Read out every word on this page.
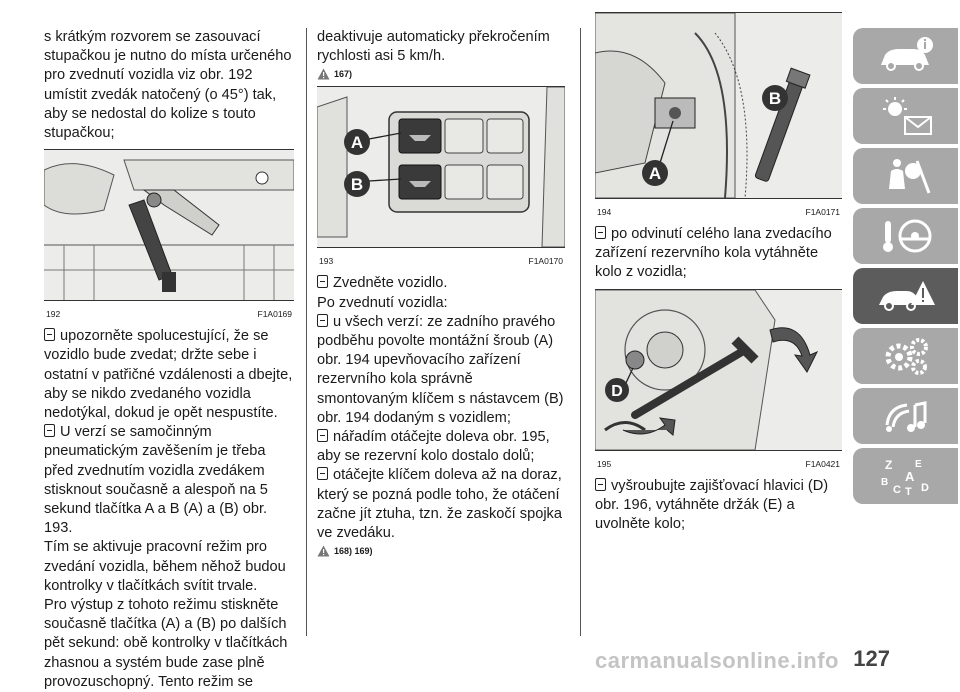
s krátkým rozvorem se zasouvací stupačkou je nutno do místa určeného pro zvednutí vozidla viz obr. 192 umístit zvedák natočený (o 45°) tak, aby se nedostal do kolize s touto stupačkou;

192	F1A0169

upozorněte spolucestující, že se vozidlo bude zvedat; držte sebe i ostatní v patřičné vzdálenosti a dbejte, aby se nikdo zvedaného vozidla nedotýkal, dokud je opět nespustíte.

U verzí se samočinným pneumatickým zavěšením je třeba před zvednutím vozidla zvedákem stisknout současně a alespoň na 5 sekund tlačítka A a B (A) a (B) obr. 193.

Tím se aktivuje pracovní režim pro zvedání vozidla, během něhož budou kontrolky v tlačítkách svítit trvale.

Pro výstup z tohoto režimu stiskněte současně tlačítka (A) a (B) po dalších pět sekund: obě kontrolky v tlačítkách zhasnou a systém bude zase plně provozuschopný. Tento režim se

deaktivuje automaticky překročením rychlosti asi 5 km/h.

167)
A
B
193	F1A0170

Zvedněte vozidlo.

Po zvednutí vozidla:

u všech verzí: ze zadního pravého podběhu povolte montážní šroub (A) obr. 194 upevňovacího zařízení rezervního kola správně smontovaným klíčem s nástavcem (B) obr. 194 dodaným s vozidlem;

nářadím otáčejte doleva obr. 195, aby se rezervní kolo dostalo dolů;

otáčejte klíčem doleva až na doraz, který se pozná podle toho, že otáčení začne jít ztuha, tzn. že zaskočí spojka ve zvedáku.

168) 169)
A
B
194	F1A0171

po odvinutí celého lana zvedacího zařízení rezervního kola vytáhněte kolo z vozidla;

D
195	F1A0421

vyšroubujte zajišťovací hlavici (D) obr. 196, vytáhněte držák (E) a uvolněte kolo;

Z E
A
B
C T D
carmanualsonline.info 127
